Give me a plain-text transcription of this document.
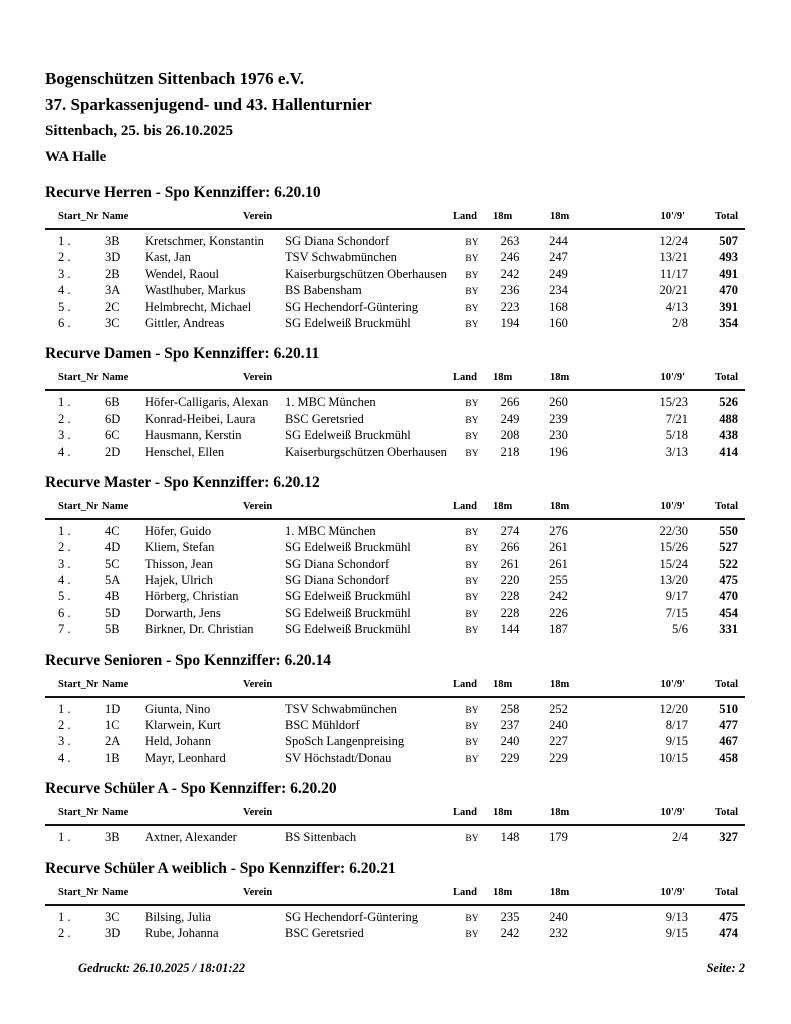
Bogenschützen Sittenbach 1976 e.V.
37. Sparkassenjugend- und 43. Hallenturnier
Sittenbach, 25. bis 26.10.2025
WA Halle
Recurve Herren - Spo Kennziffer: 6.20.10
Start_Nr Name	Verein	Land 18m	18m	10'/9'	Total
1 .	3B	Kretschmer, Konstantin	SG Diana Schondorf	BY	263	244	12/24	507
2 .	3D	Kast, Jan	TSV Schwabmünchen	BY	246	247	13/21	493
3 .	2B	Wendel, Raoul	Kaiserburgschützen Oberhausen	BY	242	249	11/17	491
4 .	3A	Wastlhuber, Markus	BS Babensham	BY	236	234	20/21	470
5 .	2C	Helmbrecht, Michael	SG Hechendorf-Güntering	BY	223	168	4/13	391
6 .	3C	Gittler, Andreas	SG Edelweiß Bruckmühl	BY	194	160	2/8	354
Recurve Damen - Spo Kennziffer: 6.20.11
Start_Nr Name	Verein	Land 18m	18m	10'/9'	Total
1 .	6B	Höfer-Calligaris, Alexan	1. MBC München	BY	266	260	15/23	526
2 .	6D	Konrad-Heibei, Laura	BSC Geretsried	BY	249	239	7/21	488
3 .	6C	Hausmann, Kerstin	SG Edelweiß Bruckmühl	BY	208	230	5/18	438
4 .	2D	Henschel, Ellen	Kaiserburgschützen Oberhausen	BY	218	196	3/13	414
Recurve Master - Spo Kennziffer: 6.20.12
Start_Nr Name	Verein	Land 18m	18m	10'/9'	Total
1 .	4C	Höfer, Guido	1. MBC München	BY	274	276	22/30	550
2 .	4D	Kliem, Stefan	SG Edelweiß Bruckmühl	BY	266	261	15/26	527
3 .	5C	Thisson, Jean	SG Diana Schondorf	BY	261	261	15/24	522
4 .	5A	Hajek, Ulrich	SG Diana Schondorf	BY	220	255	13/20	475
5 .	4B	Hörberg, Christian	SG Edelweiß Bruckmühl	BY	228	242	9/17	470
6 .	5D	Dorwarth, Jens	SG Edelweiß Bruckmühl	BY	228	226	7/15	454
7 .	5B	Birkner, Dr. Christian	SG Edelweiß Bruckmühl	BY	144	187	5/6	331
Recurve Senioren - Spo Kennziffer: 6.20.14
Start_Nr Name	Verein	Land 18m	18m	10'/9'	Total
1 .	1D	Giunta, Nino	TSV Schwabmünchen	BY	258	252	12/20	510
2 .	1C	Klarwein, Kurt	BSC Mühldorf	BY	237	240	8/17	477
3 .	2A	Held, Johann	SpoSch Langenpreising	BY	240	227	9/15	467
4 .	1B	Mayr, Leonhard	SV Höchstadt/Donau	BY	229	229	10/15	458
Recurve Schüler A - Spo Kennziffer: 6.20.20
Start_Nr Name	Verein	Land 18m	18m	10'/9'	Total
1 .	3B	Axtner, Alexander	BS Sittenbach	BY	148	179	2/4	327
Recurve Schüler A weiblich - Spo Kennziffer: 6.20.21
Start_Nr Name	Verein	Land 18m	18m	10'/9'	Total
1 .	3C	Bilsing, Julia	SG Hechendorf-Güntering	BY	235	240	9/13	475
2 .	3D	Rube, Johanna	BSC Geretsried	BY	242	232	9/15	474
Gedruckt: 26.10.2025 / 18:01:22	Seite: 2
